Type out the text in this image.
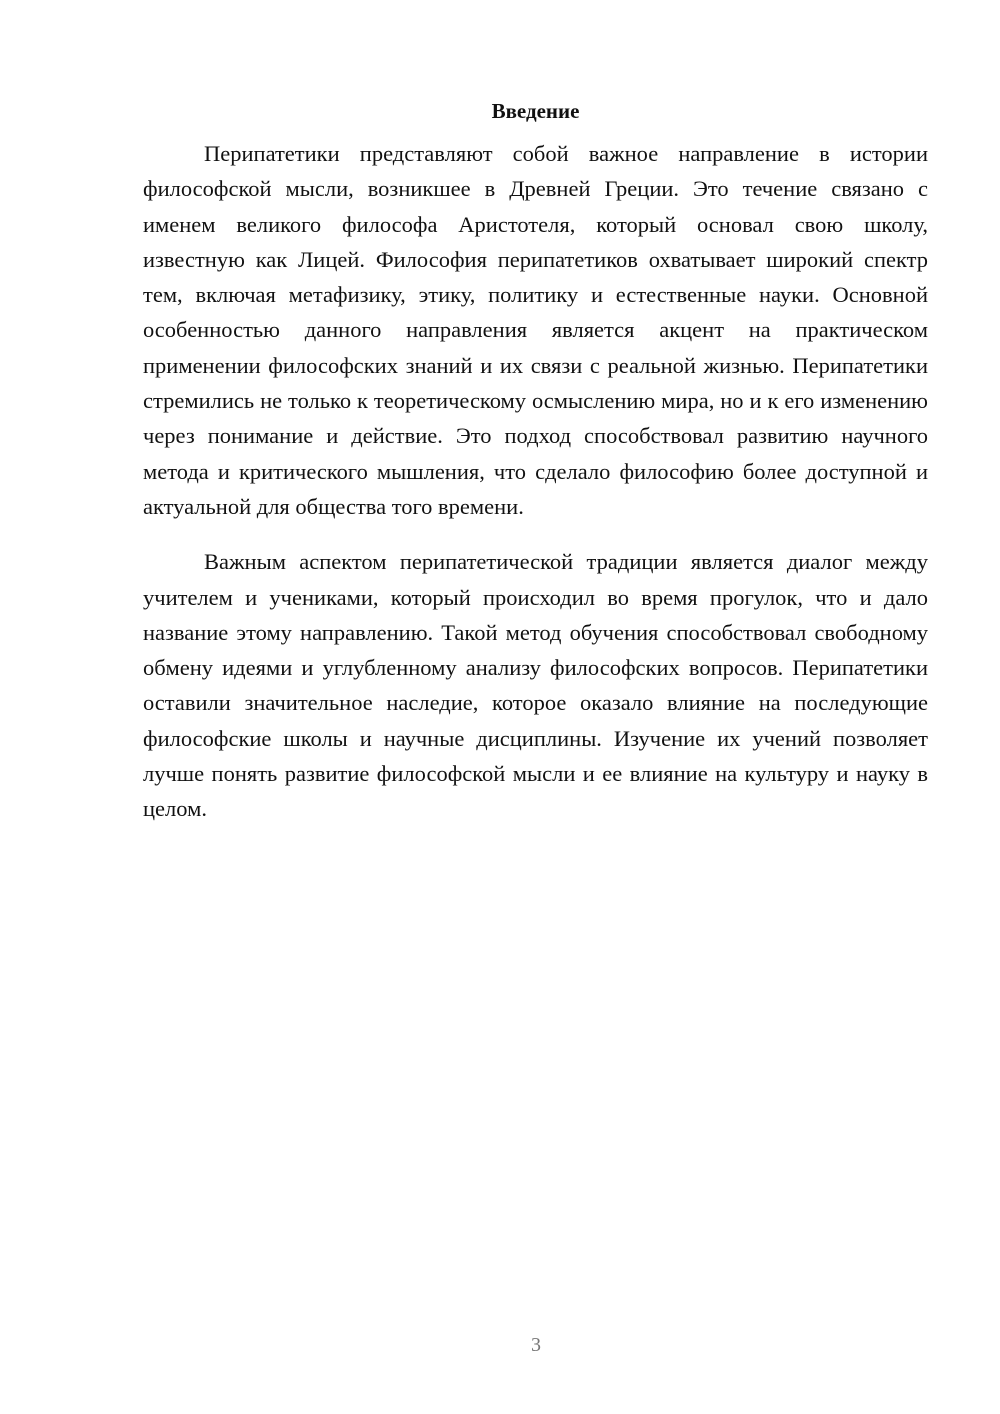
Введение

Перипатетики представляют собой важное направление в истории философской мысли, возникшее в Древней Греции. Это течение связано с именем великого философа Аристотеля, который основал свою школу, известную как Лицей. Философия перипатетиков охватывает широкий спектр тем, включая метафизику, этику, политику и естественные науки. Основной особенностью данного направления является акцент на практическом применении философских знаний и их связи с реальной жизнью. Перипатетики стремились не только к теоретическому осмыслению мира, но и к его изменению через понимание и действие. Это подход способствовал развитию научного метода и критического мышления, что сделало философию более доступной и актуальной для общества того времени.

Важным аспектом перипатетической традиции является диалог между учителем и учениками, который происходил во время прогулок, что и дало название этому направлению. Такой метод обучения способствовал свободному обмену идеями и углубленному анализу философских вопросов. Перипатетики оставили значительное наследие, которое оказало влияние на последующие философские школы и научные дисциплины. Изучение их учений позволяет лучше понять развитие философской мысли и ее влияние на культуру и науку в целом.

3
